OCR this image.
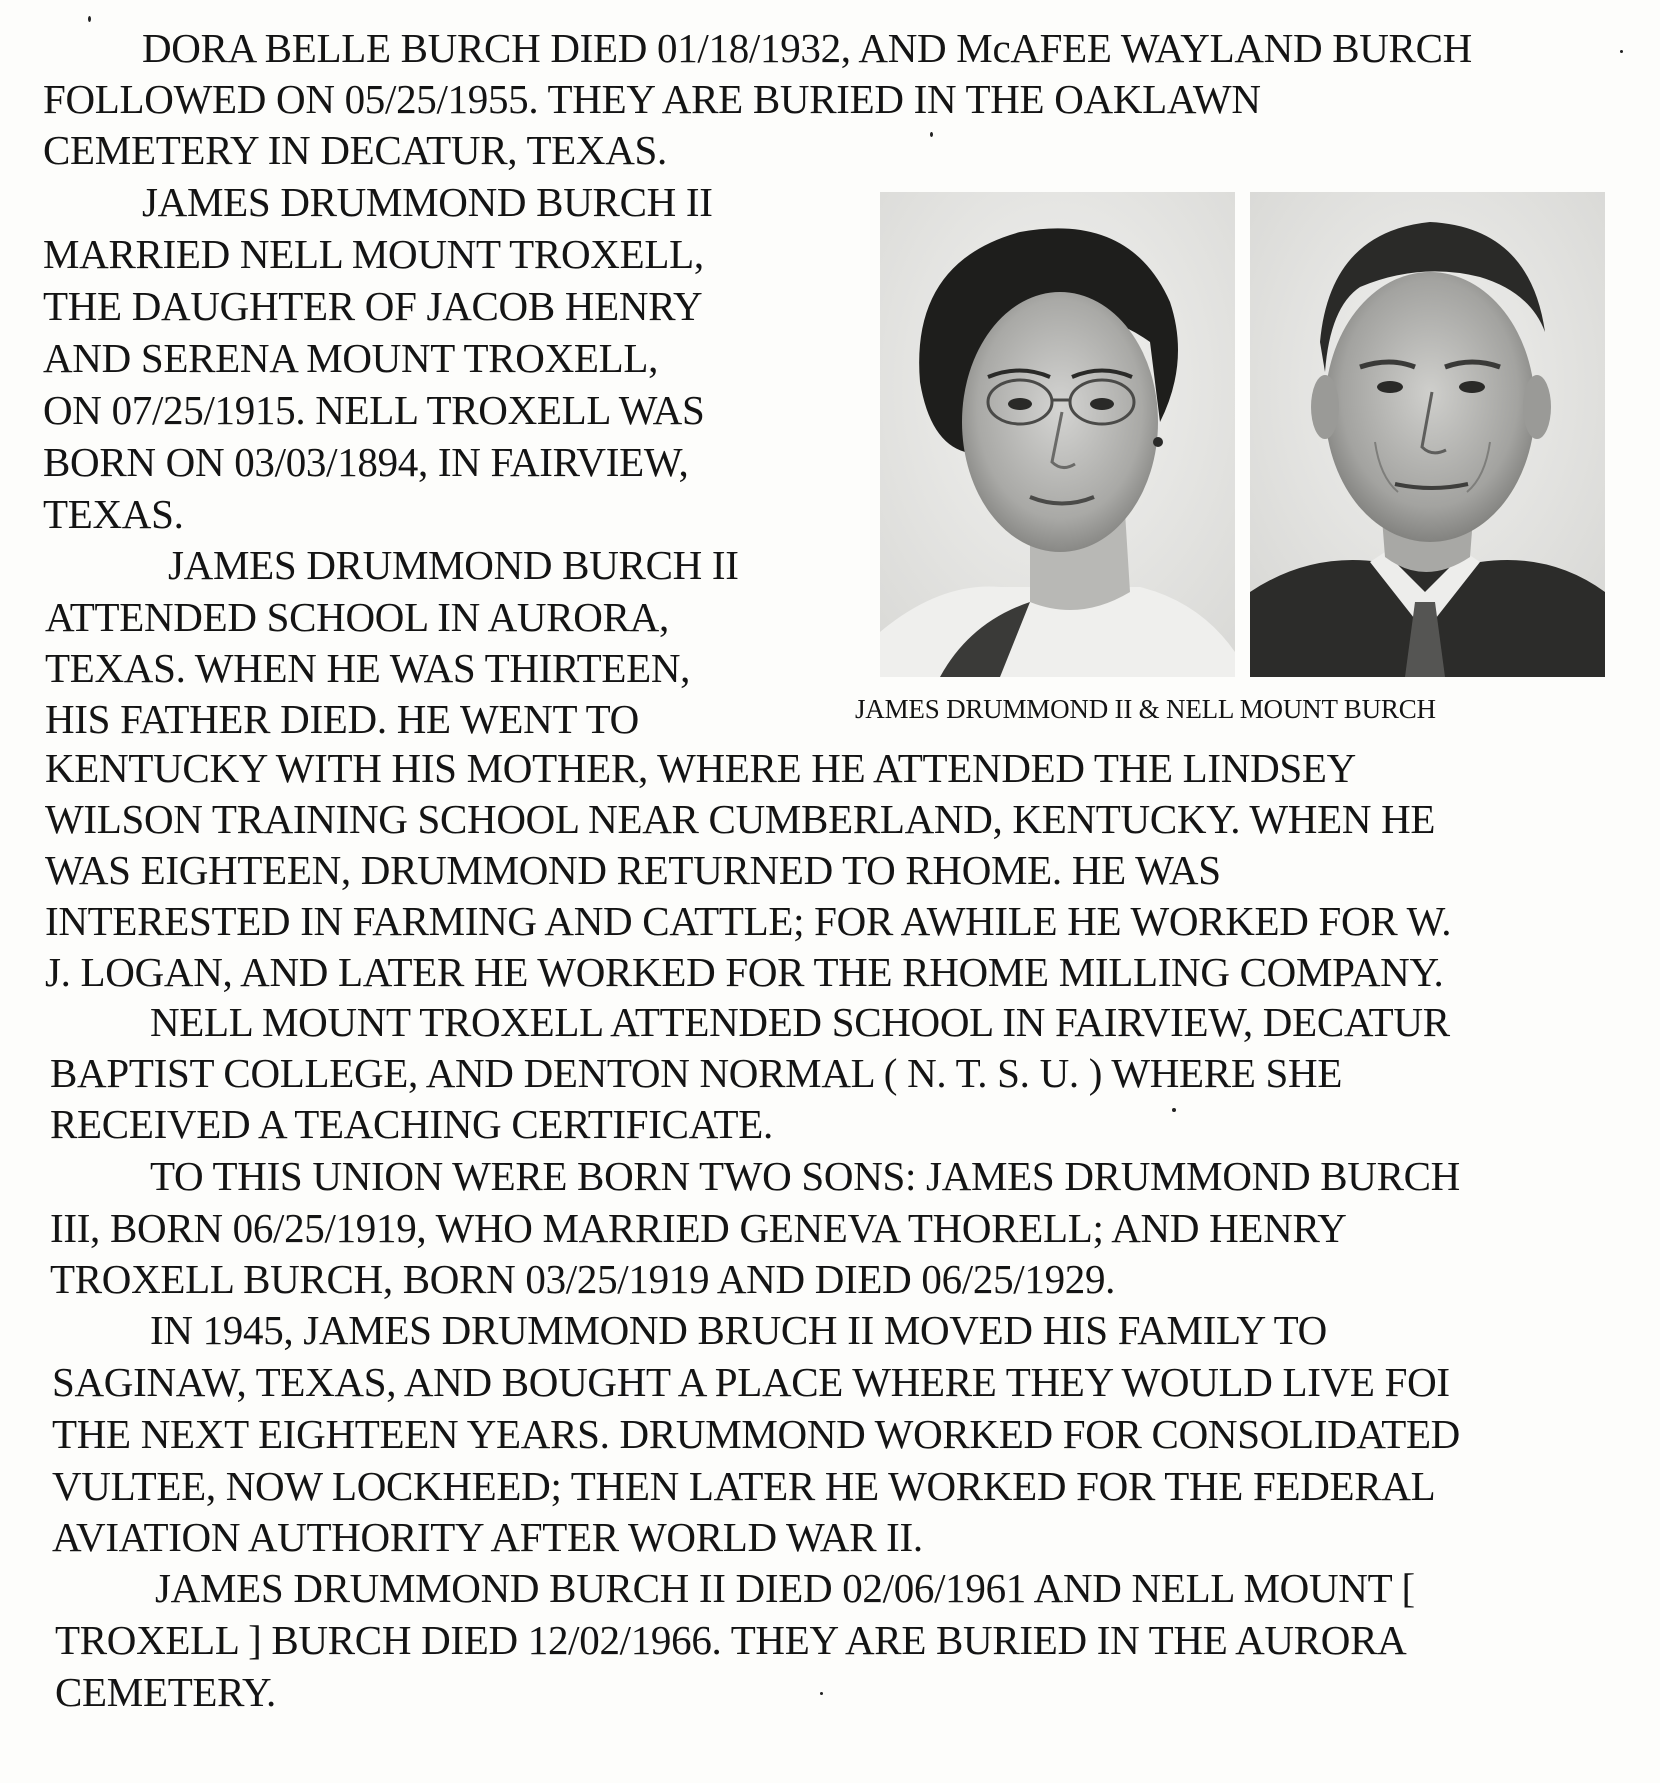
DORA BELLE BURCH DIED 01/18/1932, AND McAFEE WAYLAND BURCH
FOLLOWED ON 05/25/1955. THEY ARE BURIED IN THE OAKLAWN
CEMETERY IN DECATUR, TEXAS.
JAMES DRUMMOND BURCH II
MARRIED NELL MOUNT TROXELL,
THE DAUGHTER OF JACOB HENRY
AND SERENA MOUNT TROXELL,
ON 07/25/1915. NELL TROXELL WAS
BORN ON 03/03/1894, IN FAIRVIEW,
TEXAS.
JAMES DRUMMOND BURCH II
ATTENDED SCHOOL IN AURORA,
TEXAS. WHEN HE WAS THIRTEEN,
HIS FATHER DIED. HE WENT TO
KENTUCKY WITH HIS MOTHER, WHERE HE ATTENDED THE LINDSEY
WILSON TRAINING SCHOOL NEAR CUMBERLAND, KENTUCKY. WHEN HE
WAS EIGHTEEN, DRUMMOND RETURNED TO RHOME. HE WAS
INTERESTED IN FARMING AND CATTLE; FOR AWHILE HE WORKED FOR W.
J. LOGAN, AND LATER HE WORKED FOR THE RHOME MILLING COMPANY.
NELL MOUNT TROXELL ATTENDED SCHOOL IN FAIRVIEW, DECATUR
BAPTIST COLLEGE, AND DENTON NORMAL ( N. T. S. U. ) WHERE SHE
RECEIVED A TEACHING CERTIFICATE.
TO THIS UNION WERE BORN TWO SONS: JAMES DRUMMOND BURCH
III, BORN 06/25/1919, WHO MARRIED GENEVA THORELL; AND HENRY
TROXELL BURCH, BORN 03/25/1919 AND DIED 06/25/1929.
IN 1945, JAMES DRUMMOND BRUCH II MOVED HIS FAMILY TO
SAGINAW, TEXAS, AND BOUGHT A PLACE WHERE THEY WOULD LIVE FOI
THE NEXT EIGHTEEN YEARS. DRUMMOND WORKED FOR CONSOLIDATED
VULTEE, NOW LOCKHEED; THEN LATER HE WORKED FOR THE FEDERAL
AVIATION AUTHORITY AFTER WORLD WAR II.
JAMES DRUMMOND BURCH II DIED 02/06/1961 AND NELL MOUNT [
TROXELL ] BURCH DIED 12/02/1966. THEY ARE BURIED IN THE AURORA
CEMETERY.
JAMES DRUMMOND II & NELL MOUNT BURCH
